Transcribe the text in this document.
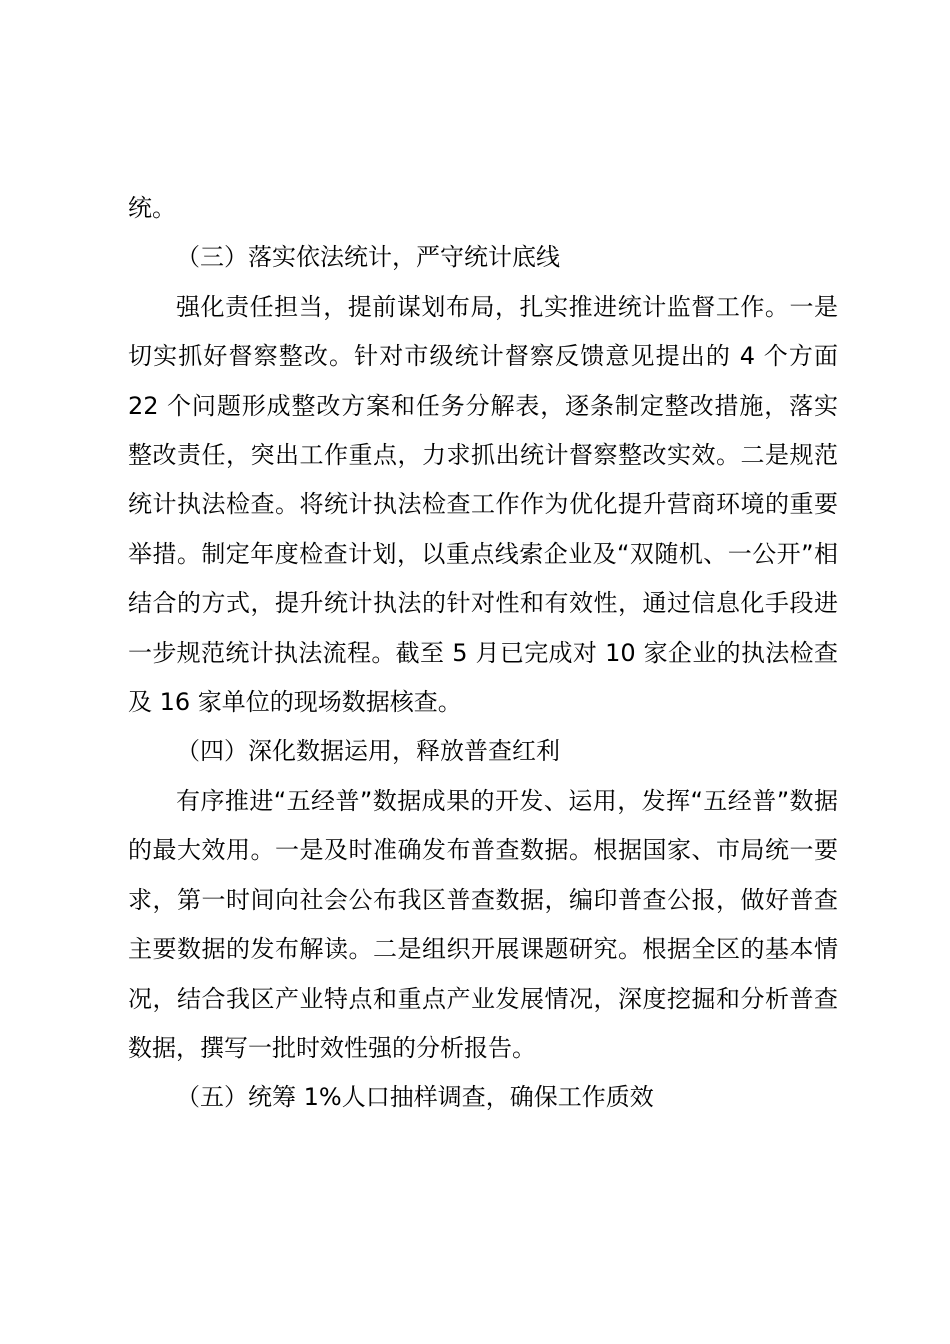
统。

（三）落实依法统计，严守统计底线

强化责任担当，提前谋划布局，扎实推进统计监督工作。一是切实抓好督察整改。针对市级统计督察反馈意见提出的 4 个方面 22 个问题形成整改方案和任务分解表，逐条制定整改措施，落实整改责任，突出工作重点，力求抓出统计督察整改实效。二是规范统计执法检查。将统计执法检查工作作为优化提升营商环境的重要举措。制定年度检查计划，以重点线索企业及“双随机、一公开”相结合的方式，提升统计执法的针对性和有效性，通过信息化手段进一步规范统计执法流程。截至 5 月已完成对 10 家企业的执法检查及 16 家单位的现场数据核查。

（四）深化数据运用，释放普查红利

有序推进“五经普”数据成果的开发、运用，发挥“五经普”数据的最大效用。一是及时准确发布普查数据。根据国家、市局统一要求，第一时间向社会公布我区普查数据，编印普查公报，做好普查主要数据的发布解读。二是组织开展课题研究。根据全区的基本情况，结合我区产业特点和重点产业发展情况，深度挖掘和分析普查数据，撰写一批时效性强的分析报告。

（五）统筹 1%人口抽样调查，确保工作质效
